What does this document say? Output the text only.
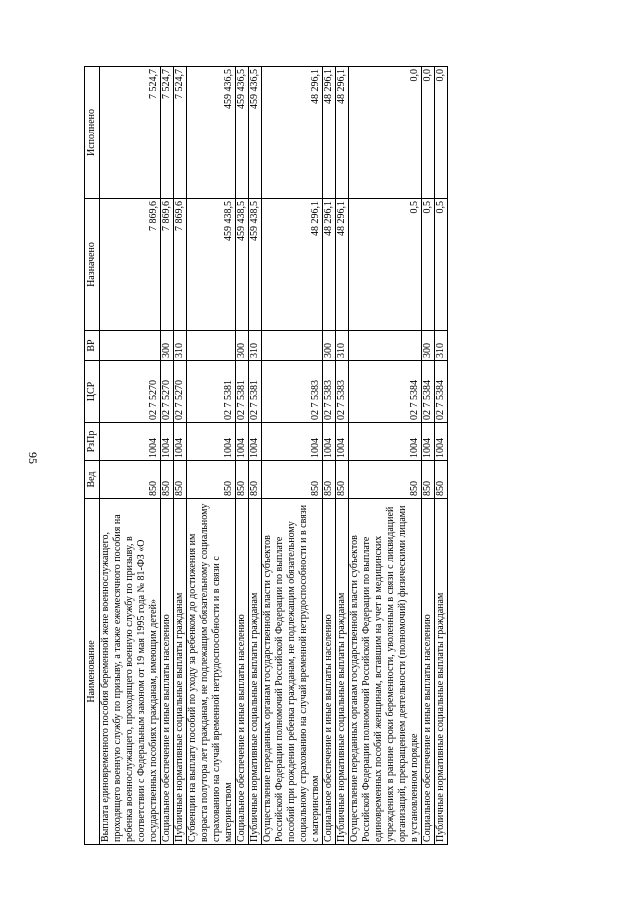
95
Наименование	Вед	РзПр	ЦСР	ВР	Назначено	Исполнено
Выплата единовременного пособия беременной жене военнослужащего, проходящего военную службу по призыву, а также ежемесячного пособия на ребенка военнослужащего, проходящего военную службу по призыву, в соответствии с Федеральным законом от 19 мая 1995 года № 81-ФЗ «О государственных пособиях гражданам, имеющим детей»	850	1004	02 7 5270		7 869,6	7 524,7
Социальное обеспечение и иные выплаты населению	850	1004	02 7 5270	300	7 869,6	7 524,7
Публичные нормативные социальные выплаты гражданам	850	1004	02 7 5270	310	7 869,6	7 524,7
Субвенции на выплату пособий по уходу за ребенком до достижения им возраста полутора лет гражданам, не подлежащим обязательному социальному страхованию на случай временной нетрудоспособности и в связи с материнством	850	1004	02 7 5381		459 438,5	459 436,5
Социальное обеспечение и иные выплаты населению	850	1004	02 7 5381	300	459 438,5	459 436,5
Публичные нормативные социальные выплаты гражданам	850	1004	02 7 5381	310	459 438,5	459 436,5
Осуществление переданных органам государственной власти субъектов Российской Федерации полномочий Российской Федерации по выплате пособий при рождении ребенка гражданам, не подлежащим обязательному социальному страхованию на случай временной нетрудоспособности и в связи с материнством	850	1004	02 7 5383		48 296,1	48 296,1
Социальное обеспечение и иные выплаты населению	850	1004	02 7 5383	300	48 296,1	48 296,1
Публичные нормативные социальные выплаты гражданам	850	1004	02 7 5383	310	48 296,1	48 296,1
Осуществление переданных органам государственной власти субъектов Российской Федерации полномочий Российской Федерации по выплате единовременных пособий женщинам, вставшим на учет в медицинских учреждениях в ранние сроки беременности, уволенным в связи с ликвидацией организаций, прекращением деятельности (полномочий) физическими лицами в установленном порядке	850	1004	02 7 5384		0,5	0,0
Социальное обеспечение и иные выплаты населению	850	1004	02 7 5384	300	0,5	0,0
Публичные нормативные социальные выплаты гражданам	850	1004	02 7 5384	310	0,5	0,0
